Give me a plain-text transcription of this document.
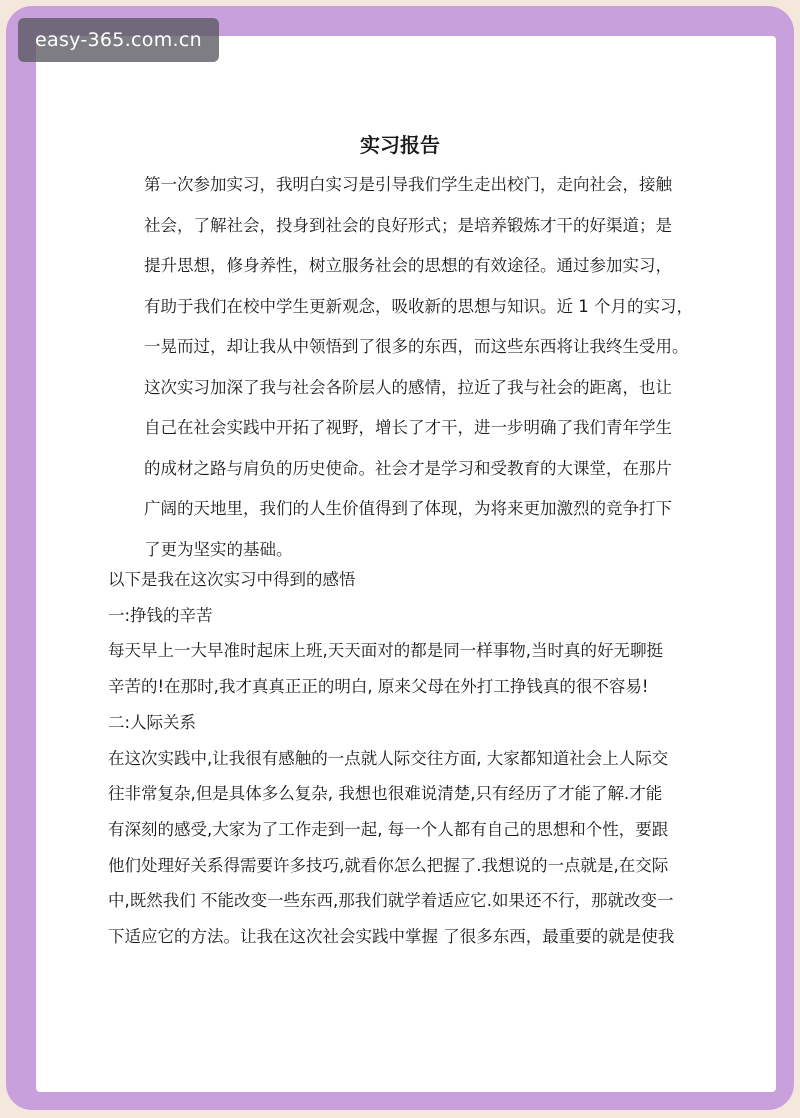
easy-365.com.cn
实习报告
第一次参加实习，我明白实习是引导我们学生走出校门，走向社会，接触
社会，了解社会，投身到社会的良好形式；是培养锻炼才干的好渠道；是
提升思想，修身养性，树立服务社会的思想的有效途径。通过参加实习，
有助于我们在校中学生更新观念，吸收新的思想与知识。近 1 个月的实习，
一晃而过，却让我从中领悟到了很多的东西，而这些东西将让我终生受用。
这次实习加深了我与社会各阶层人的感情，拉近了我与社会的距离，也让
自己在社会实践中开拓了视野，增长了才干，进一步明确了我们青年学生
的成材之路与肩负的历史使命。社会才是学习和受教育的大课堂，在那片
广阔的天地里，我们的人生价值得到了体现，为将来更加激烈的竞争打下
了更为坚实的基础。
以下是我在这次实习中得到的感悟
一:挣钱的辛苦
每天早上一大早准时起床上班,天天面对的都是同一样事物,当时真的好无聊挺
辛苦的!在那时,我才真真正正的明白, 原来父母在外打工挣钱真的很不容易!
二:人际关系
在这次实践中,让我很有感触的一点就人际交往方面, 大家都知道社会上人际交
往非常复杂,但是具体多么复杂, 我想也很难说清楚,只有经历了才能了解.才能
有深刻的感受,大家为了工作走到一起, 每一个人都有自己的思想和个性，要跟
他们处理好关系得需要许多技巧,就看你怎么把握了.我想说的一点就是,在交际
中,既然我们 不能改变一些东西,那我们就学着适应它.如果还不行，那就改变一
下适应它的方法。让我在这次社会实践中掌握 了很多东西，最重要的就是使我
